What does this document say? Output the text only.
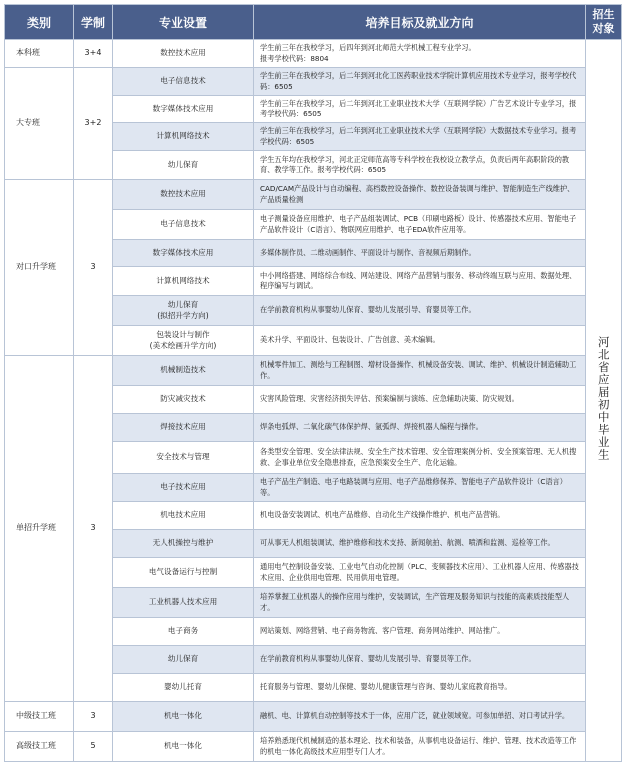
类别	学制	专业设置	培养目标及就业方向	招生
对象
本科班	3+4	数控技术应用	学生前三年在我校学习，后四年到河北师范大学机械工程专业学习。
报考学校代码：8804	河北省应届初中毕业生
大专班	3+2	电子信息技术	学生前三年在我校学习，后二年到河北化工医药职业技术学院计算机应用技术专业学习，报考学校代码：6505	
		数字媒体技术应用	学生前三年在我校学习，后二年到河北工业职业技术大学（互联网学院）广告艺术设计专业学习，报考学校代码：6505	
		计算机网络技术	学生前三年在我校学习，后二年到河北工业职业技术大学（互联网学院）大数据技术专业学习。报考学校代码：6505	
		幼儿保育	学生五年均在我校学习，河北正定师范高等专科学校在我校设立教学点，负责后两年高职阶段的教育、教学等工作。报考学校代码：6505	
对口升学班	3	数控技术应用	CAD/CAM产品设计与自动编程、高档数控设备操作、数控设备装调与维护、智能制造生产线维护、产品质量检测	
		电子信息技术	电子测量设备应用维护、电子产品组装调试、PCB（印刷电路板）设计、传感器技术应用、智能电子产品软件设计（C语言）、物联网应用维护、电子EDA软件应用等。	
		数字媒体技术应用	多媒体制作员、二维动画制作、平面设计与制作、音视频后期制作。	
		计算机网络技术	中小网络搭建、网络综合布线、网站建设、网络产品营销与服务、移动终端互联与应用、数据处理、程序编写与调试。	
		幼儿保育
(拟招升学方向)	在学前教育机构从事婴幼儿保育、婴幼儿发展引导、育婴员等工作。	
		包装设计与制作
(美术绘画升学方向)	美术升学、平面设计、包装设计、广告创意、美术编辑。	
单招升学班	3	机械制造技术	机械零件加工、测绘与工程制图、增材设备操作、机械设备安装、调试、维护、机械设计制造辅助工作。	
		防灾减灾技术	灾害风险管理、灾害经济损失评估、预案编制与演练、应急辅助决策、防灾规划。	
		焊接技术应用	焊条电弧焊、二氧化碳气体保护焊、氩弧焊、焊接机器人编程与操作。	
		安全技术与管理	各类型安全管理、安全法律法规、安全生产技术管理、安全管理案例分析、安全预案管理、无人机搜救、企事业单位安全隐患排查，应急预案安全生产、危化运输。	
		电子技术应用	电子产品生产制造、电子电路装调与应用、电子产品维修保养、智能电子产品软件设计（C语言）等。	
		机电技术应用	机电设备安装调试、机电产品维修、自动化生产线操作维护、机电产品营销。	
		无人机操控与维护	可从事无人机组装调试、维护维修和技术支持、新闻航拍、航测、喷洒和监测、巡检等工作。	
		电气设备运行与控制	通用电气控制设备安装、工业电气自动化控制（PLC、变频器技术应用）、工业机器人应用、传感器技术应用、企业供用电管理、民用供用电管理。	
		工业机器人技术应用	培养掌握工业机器人的操作应用与维护，安装调试，生产管理及服务知识与技能的高素质技能型人才。	
		电子商务	网站策划、网络营销、电子商务物流、客户管理、商务网站维护、网站推广。	
		幼儿保育	在学前教育机构从事婴幼儿保育、婴幼儿发展引导、育婴员等工作。	
		婴幼儿托育	托育服务与管理、婴幼儿保健、婴幼儿健康管理与咨询、婴幼儿家庭教育指导。	
中级技工班	3	机电一体化	融机、电、计算机自动控制等技术于一体，应用广泛，就业领域宽。可参加单招、对口考试升学。	
高级技工班	5	机电一体化	培养熟悉现代机械制造的基本理论、技术和装备，从事机电设备运行、维护、管理、技术改造等工作的机电一体化高级技术应用型专门人才。	
